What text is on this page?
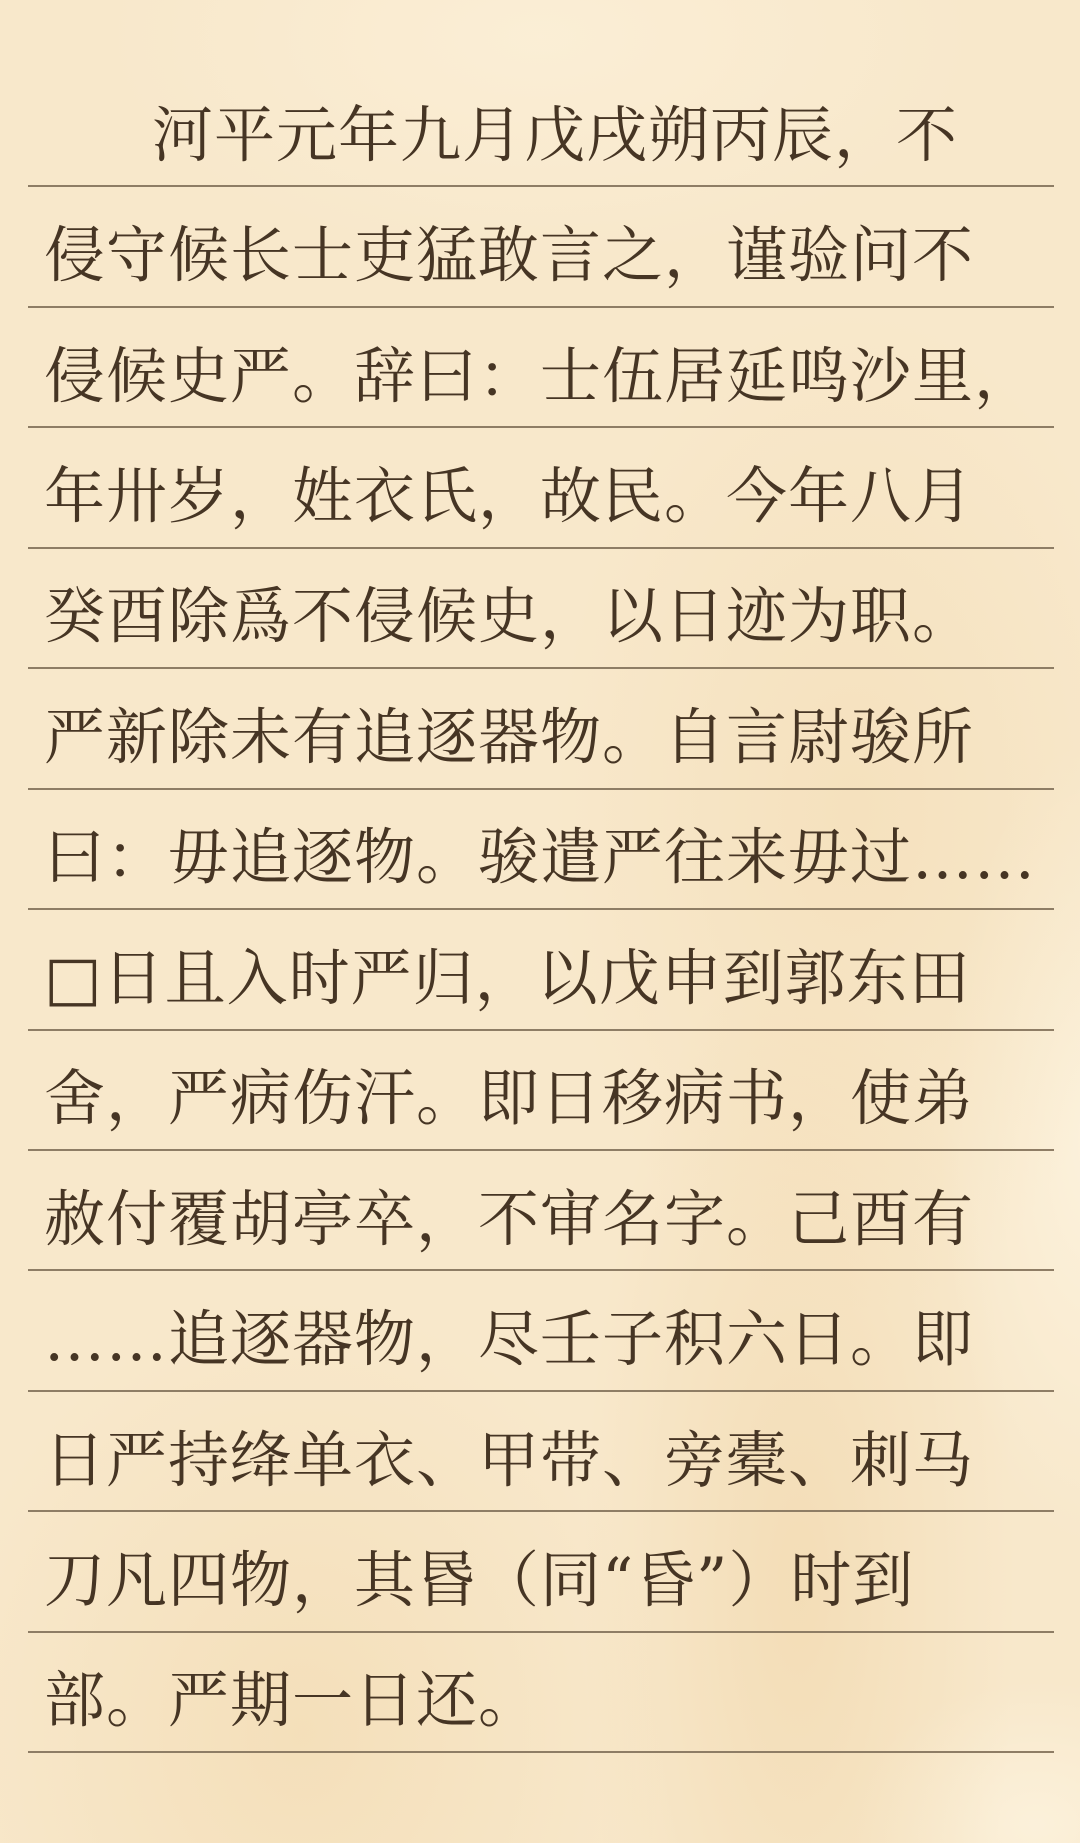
河平元年九月戊戌朔丙辰，不
侵守候长士吏猛敢言之，谨验问不
侵候史严。辞曰：士伍居延鸣沙里，
年卅岁，姓衣氏，故民。今年八月
癸酉除爲不侵候史，以日迹为职。
严新除未有追逐器物。自言尉骏所
曰：毋追逐物。骏遣严往来毋过……
□日且入时严归，以戊申到郭东田
舍，严病伤汗。即日移病书，使弟
赦付覆胡亭卒，不审名字。己酉有
……追逐器物，尽壬子积六日。即
日严持绛单衣、甲带、旁橐、刺马
刀凡四物，其昬（同“昏”）时到
部。严期一日还。
